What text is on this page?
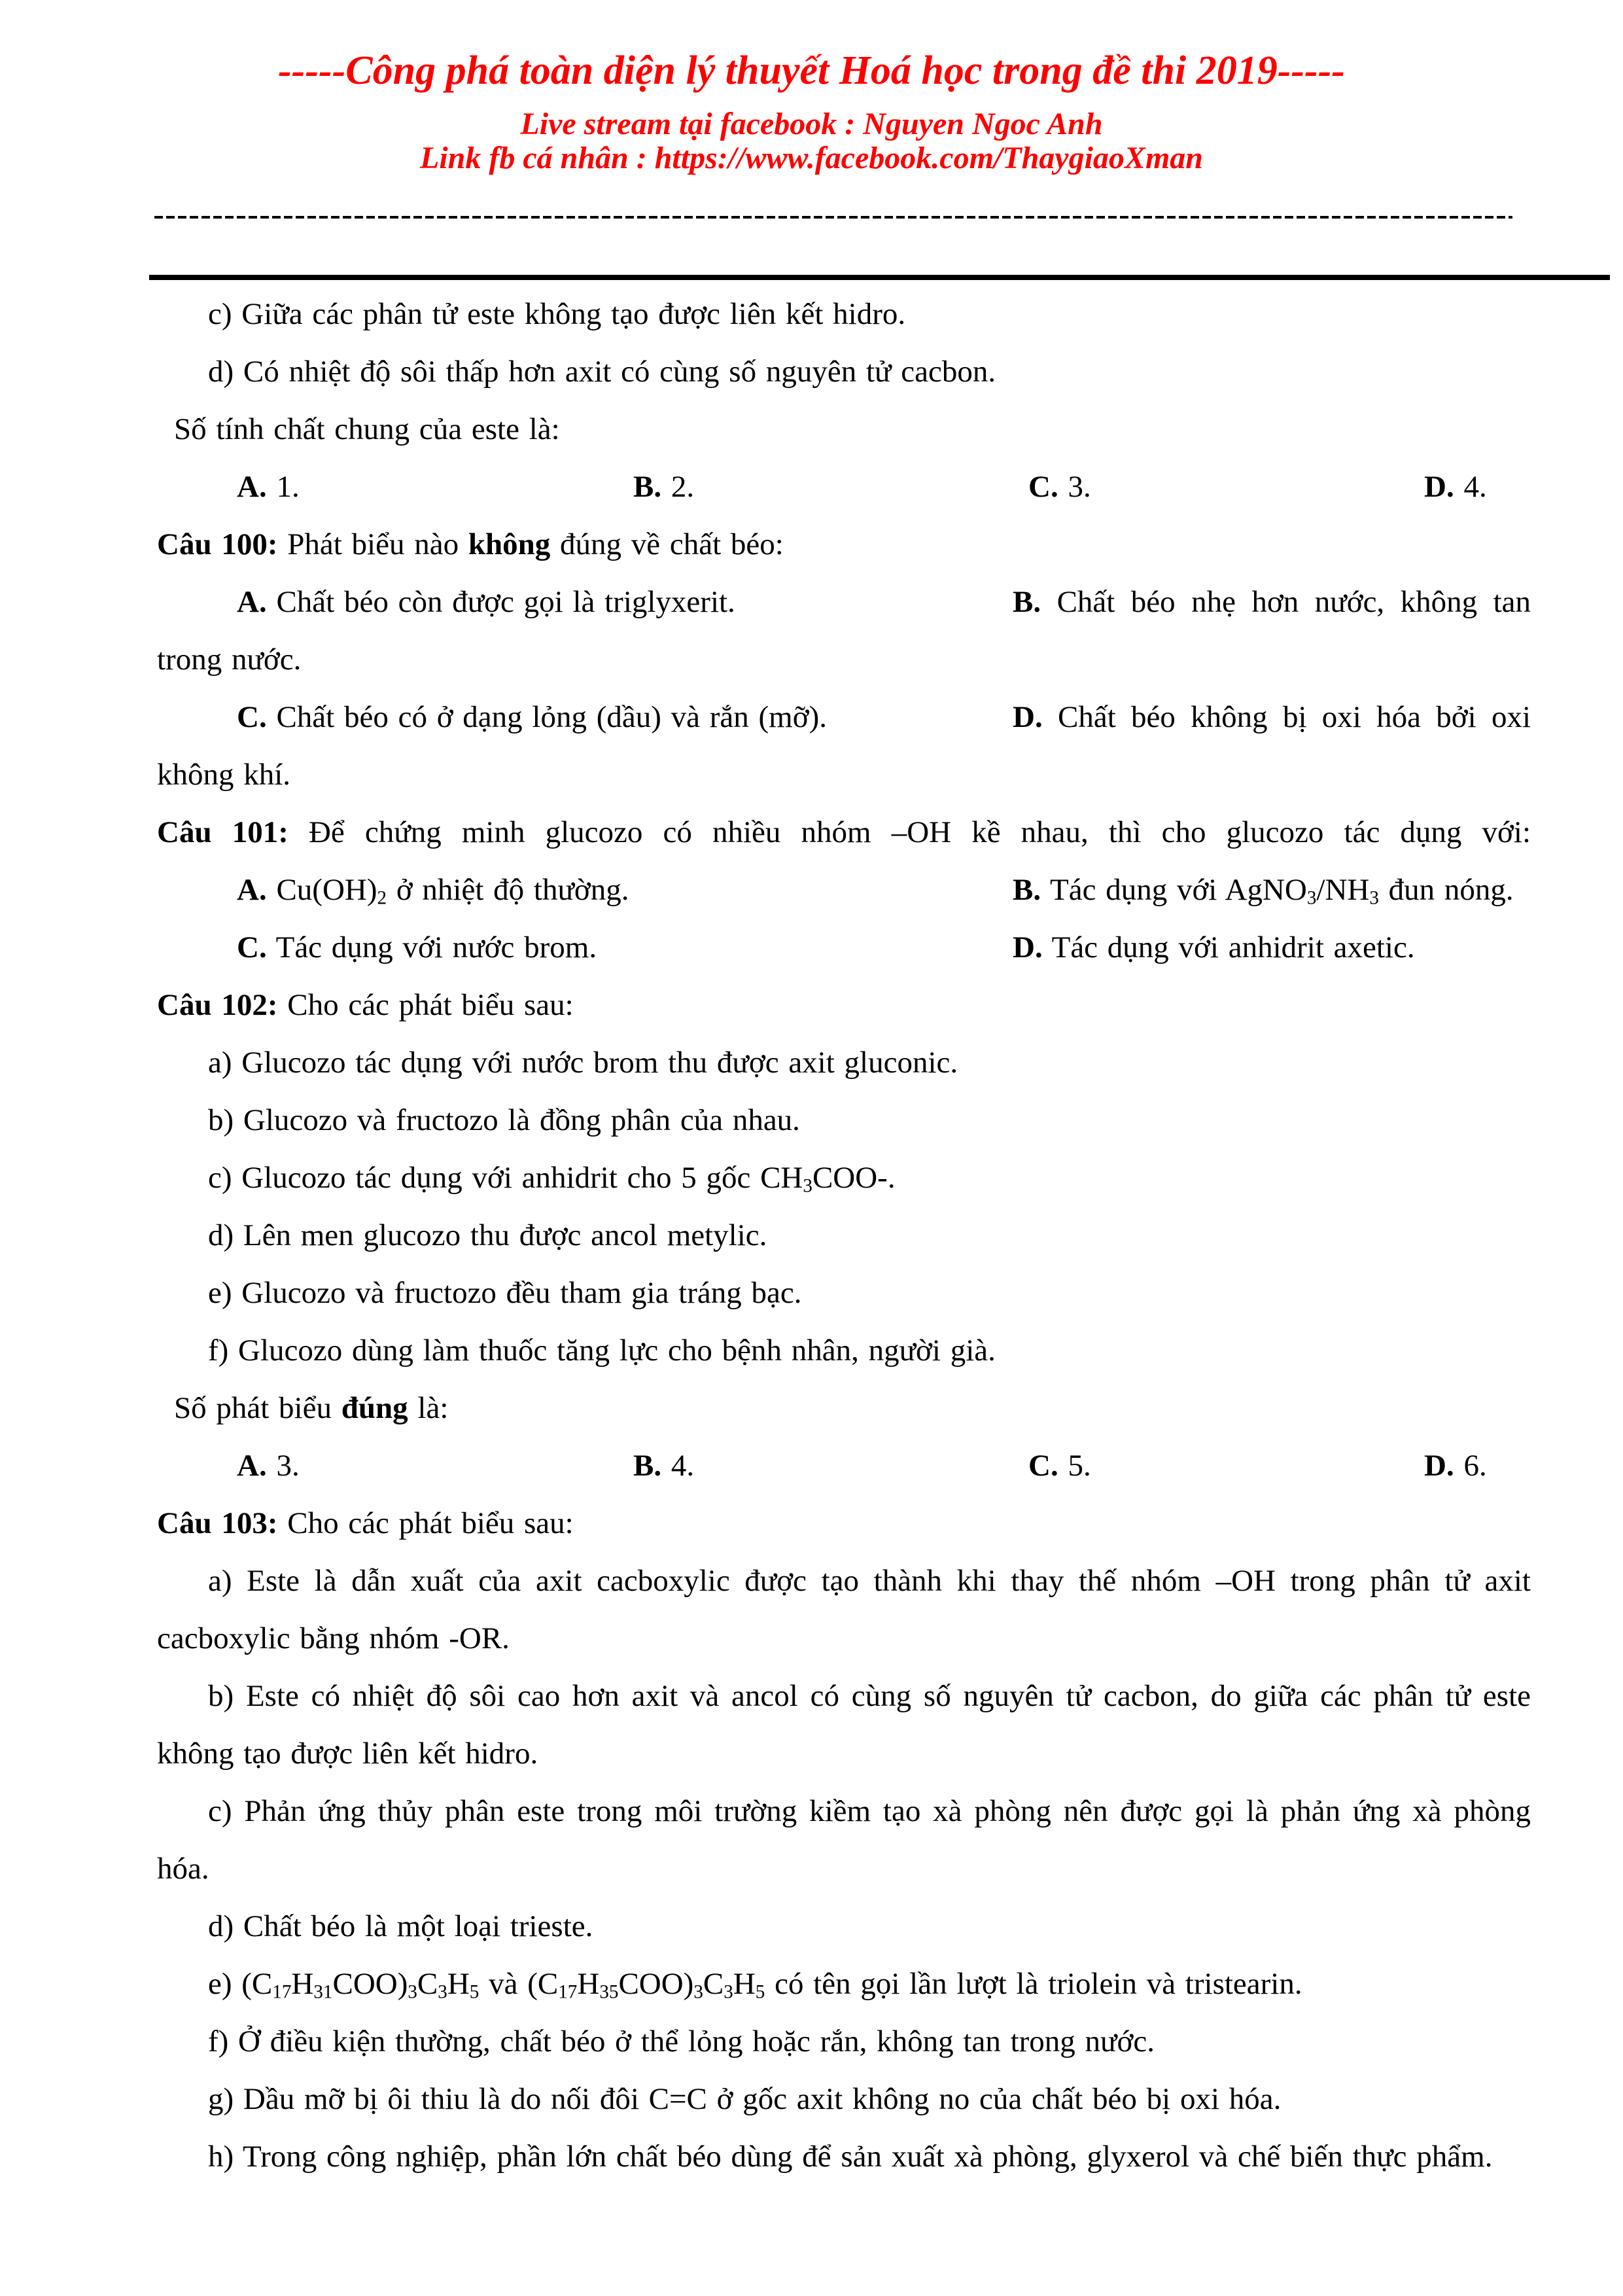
-----Công phá toàn diện lý thuyết Hoá học trong đề thi 2019-----
Live stream tại facebook : Nguyen Ngoc Anh
Link fb cá nhân : https://www.facebook.com/ThaygiaoXman
c) Giữa các phân tử este không tạo được liên kết hidro.
d) Có nhiệt độ sôi thấp hơn axit có cùng số nguyên tử cacbon.
Số tính chất chung của este là:
A. 1.	B. 2.	C. 3.	D. 4.
Câu 100: Phát biểu nào không đúng về chất béo:
A. Chất béo còn được gọi là triglyxerit.	B. Chất béo nhẹ hơn nước, không tan
trong nước.
C. Chất béo có ở dạng lỏng (dầu) và rắn (mỡ).	D. Chất béo không bị oxi hóa bởi oxi
không khí.
Câu 101: Để chứng minh glucozo có nhiều nhóm –OH kề nhau, thì cho glucozo tác dụng với:
A. $Cu(OH)_2$ ở nhiệt độ thường.	B. Tác dụng với $AgNO_3/NH_3$ đun nóng.
C. Tác dụng với nước brom.	D. Tác dụng với anhidrit axetic.
Câu 102: Cho các phát biểu sau:
a) Glucozo tác dụng với nước brom thu được axit gluconic.
b) Glucozo và fructozo là đồng phân của nhau.
c) Glucozo tác dụng với anhidrit cho 5 gốc $CH_3COO-$.
d) Lên men glucozo thu được ancol metylic.
e) Glucozo và fructozo đều tham gia tráng bạc.
f) Glucozo dùng làm thuốc tăng lực cho bệnh nhân, người già.
Số phát biểu đúng là:
A. 3.	B. 4.	C. 5.	D. 6.
Câu 103: Cho các phát biểu sau:
a) Este là dẫn xuất của axit cacboxylic được tạo thành khi thay thế nhóm –OH trong phân tử axit
cacboxylic bằng nhóm -OR.
b) Este có nhiệt độ sôi cao hơn axit và ancol có cùng số nguyên tử cacbon, do giữa các phân tử este
không tạo được liên kết hidro.
c) Phản ứng thủy phân este trong môi trường kiềm tạo xà phòng nên được gọi là phản ứng xà phòng
hóa.
d) Chất béo là một loại trieste.
e) $(C_{17}H_{31}COO)_3C_3H_5$ và $(C_{17}H_{35}COO)_3C_3H_5$ có tên gọi lần lượt là triolein và tristearin.
f) Ở điều kiện thường, chất béo ở thể lỏng hoặc rắn, không tan trong nước.
g) Dầu mỡ bị ôi thiu là do nối đôi C=C ở gốc axit không no của chất béo bị oxi hóa.
h) Trong công nghiệp, phần lớn chất béo dùng để sản xuất xà phòng, glyxerol và chế biến thực phẩm.
